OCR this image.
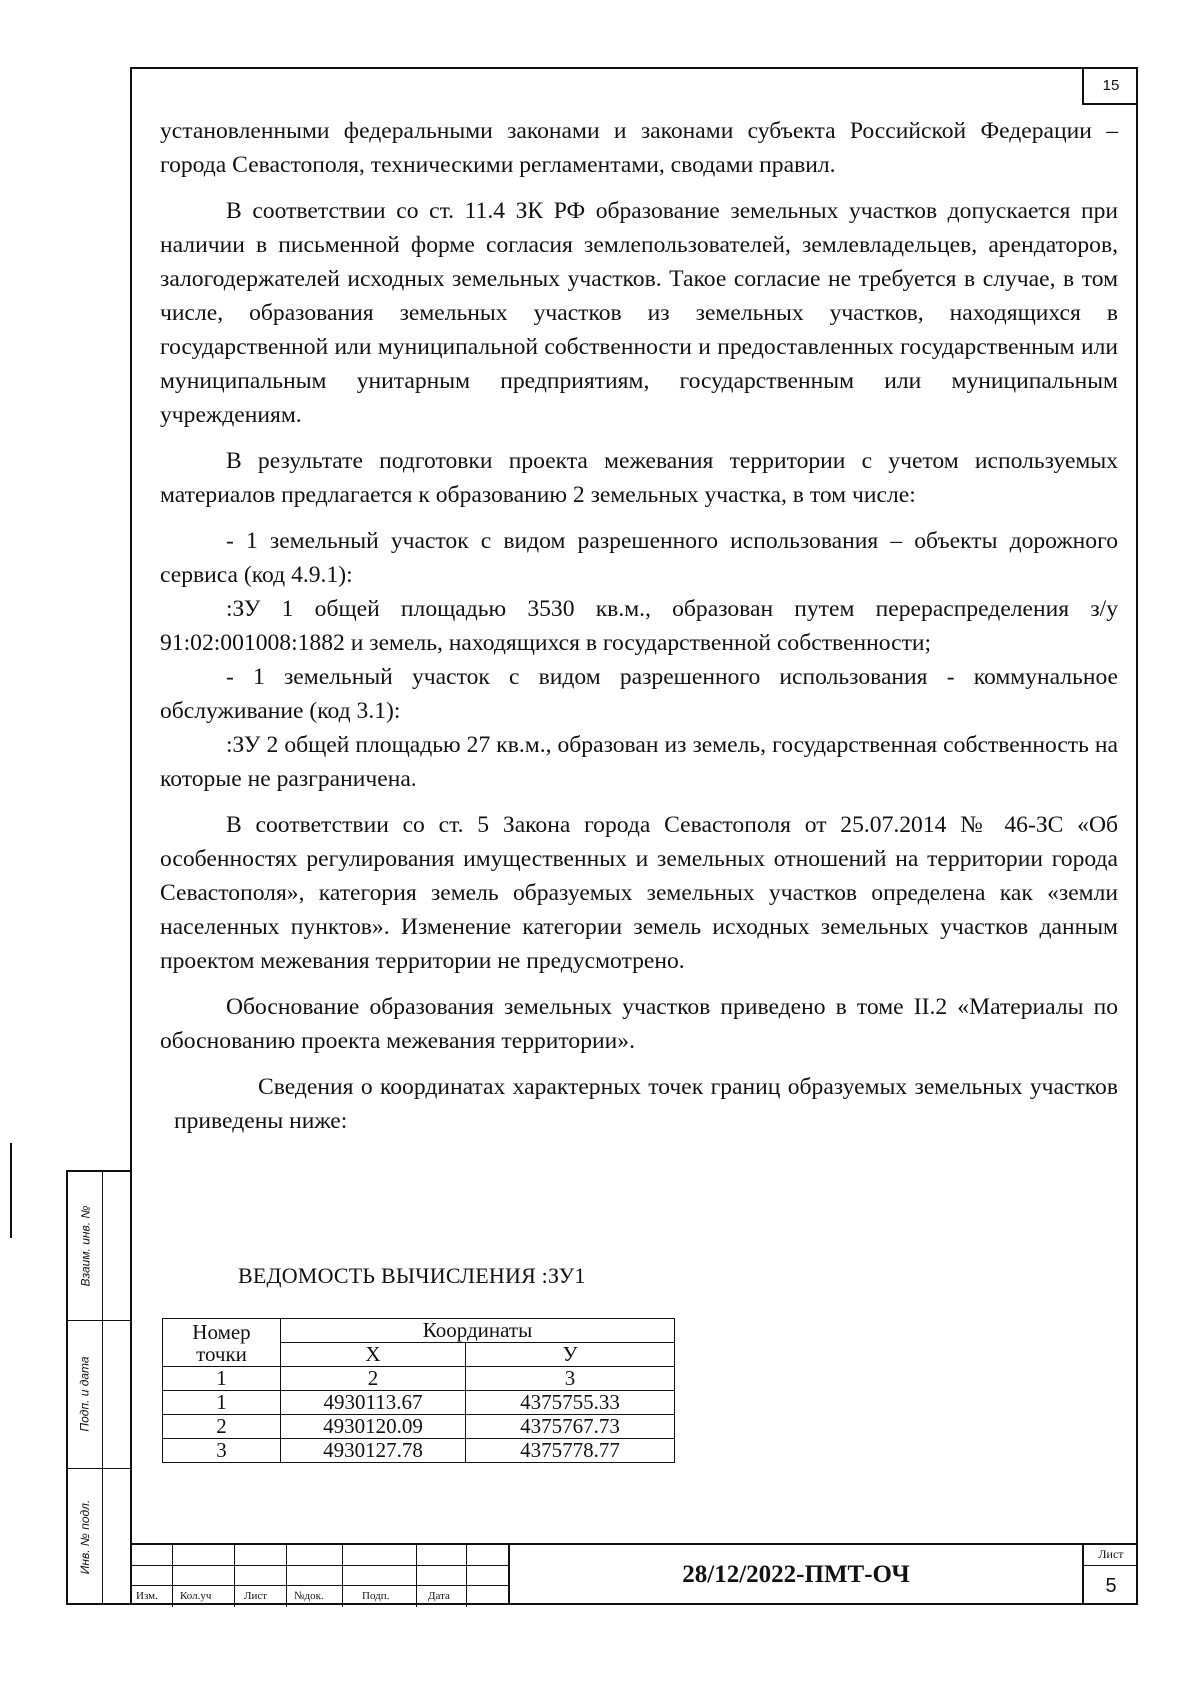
15

установленными федеральными законами и законами субъекта Российской Федерации – города Севастополя, техническими регламентами, сводами правил.

В соответствии со ст. 11.4 ЗК РФ образование земельных участков допускается при наличии в письменной форме согласия землепользователей, землевладельцев, арендаторов, залогодержателей исходных земельных участков. Такое согласие не требуется в случае, в том числе, образования земельных участков из земельных участков, находящихся в государственной или муниципальной собственности и предоставленных государственным или муниципальным унитарным предприятиям, государственным или муниципальным учреждениям.

В результате подготовки проекта межевания территории с учетом используемых материалов предлагается к образованию 2 земельных участка, в том числе:

- 1 земельный участок с видом разрешенного использования – объекты дорожного сервиса (код 4.9.1):

:ЗУ 1 общей площадью 3530 кв.м., образован путем перераспределения з/у 91:02:001008:1882 и земель, находящихся в государственной собственности;

- 1 земельный участок с видом разрешенного использования - коммунальное обслуживание (код 3.1):

:ЗУ 2 общей площадью 27 кв.м., образован из земель, государственная собственность на которые не разграничена.

В соответствии со ст. 5 Закона города Севастополя от 25.07.2014 № 46-ЗС «Об особенностях регулирования имущественных и земельных отношений на территории города Севастополя», категория земель образуемых земельных участков определена как «земли населенных пунктов». Изменение категории земель исходных земельных участков данным проектом межевания территории не предусмотрено.

Обоснование образования земельных участков приведено в томе II.2 «Материалы по обоснованию проекта межевания территории».

Сведения о координатах характерных точек границ образуемых земельных участков приведены ниже:

ВЕДОМОСТЬ ВЫЧИСЛЕНИЯ :ЗУ1
Номер точки	Координаты	
	Х	У
1	2	3
1	4930113.67	4375755.33
2	4930120.09	4375767.73
3	4930127.78	4375778.77
Взаим. инв. №
Подп. и дата
Инв. № подл.
Изм. Кол.уч	Лист №док.	Подп.	Дата
28/12/2022-ПМТ-ОЧ
Лист
5
